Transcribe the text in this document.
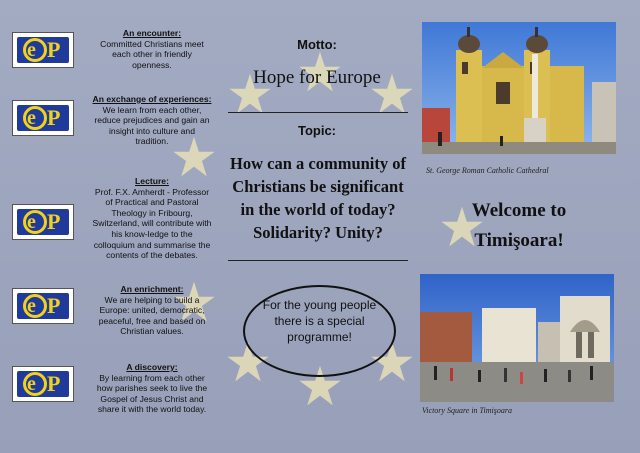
e P
An encounter:
Committed Christians meet each other in friendly openness.
e P
An exchange of experiences:
We learn from each other, reduce prejudices and gain an insight into culture and tradition.
e P
Lecture:
Prof. F.X. Amherdt - Professor of Practical and Pastoral Theology in Fribourg, Switzerland, will contribute with his know-ledge to the colloquium and summarise the contents of the debates.
e P
An enrichment:
We are helping to build a Europe: united, democratic, peaceful, free and based on Christian values.
e P
A discovery:
By learning from each other how parishes seek to live the Gospel of Jesus Christ and share it with the world today.
Motto:
Hope for Europe
Topic:
How can a community of Christians be significant in the world of today? Solidarity? Unity?
For the young people there is a special programme!
St. George Roman Catholic Cathedral
Welcome to
Timişoara!
Victory Square in Timişoara
